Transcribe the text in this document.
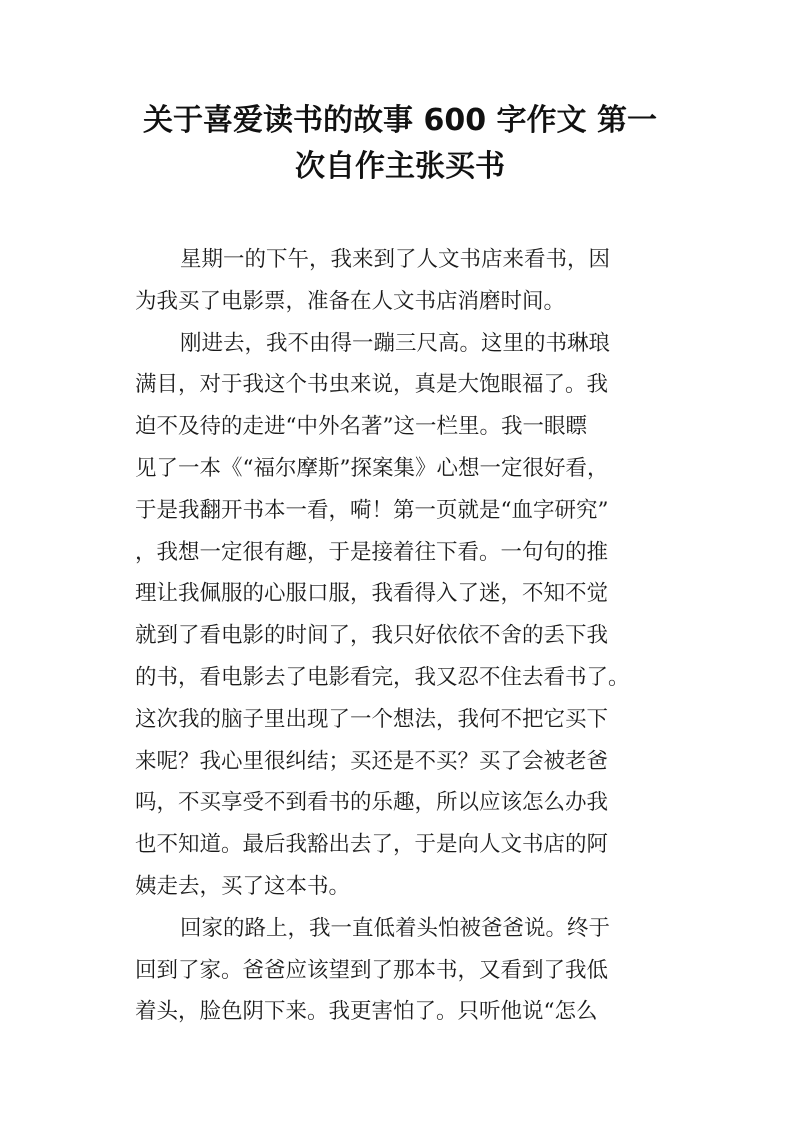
关于喜爱读书的故事 600 字作文 第一
次自作主张买书
星期一的下午，我来到了人文书店来看书，因
为我买了电影票，准备在人文书店消磨时间。
刚进去，我不由得一蹦三尺高。这里的书琳琅
满目，对于我这个书虫来说，真是大饱眼福了。我
迫不及待的走进“中外名著”这一栏里。我一眼瞟
见了一本《“福尔摩斯”探案集》心想一定很好看，
于是我翻开书本一看，嗬！第一页就是“血字研究”
，我想一定很有趣，于是接着往下看。一句句的推
理让我佩服的心服口服，我看得入了迷，不知不觉
就到了看电影的时间了，我只好依依不舍的丢下我
的书，看电影去了电影看完，我又忍不住去看书了。
这次我的脑子里出现了一个想法，我何不把它买下
来呢？我心里很纠结；买还是不买？买了会被老爸
吗，不买享受不到看书的乐趣，所以应该怎么办我
也不知道。最后我豁出去了，于是向人文书店的阿
姨走去，买了这本书。
回家的路上，我一直低着头怕被爸爸说。终于
回到了家。爸爸应该望到了那本书，又看到了我低
着头，脸色阴下来。我更害怕了。只听他说“怎么
